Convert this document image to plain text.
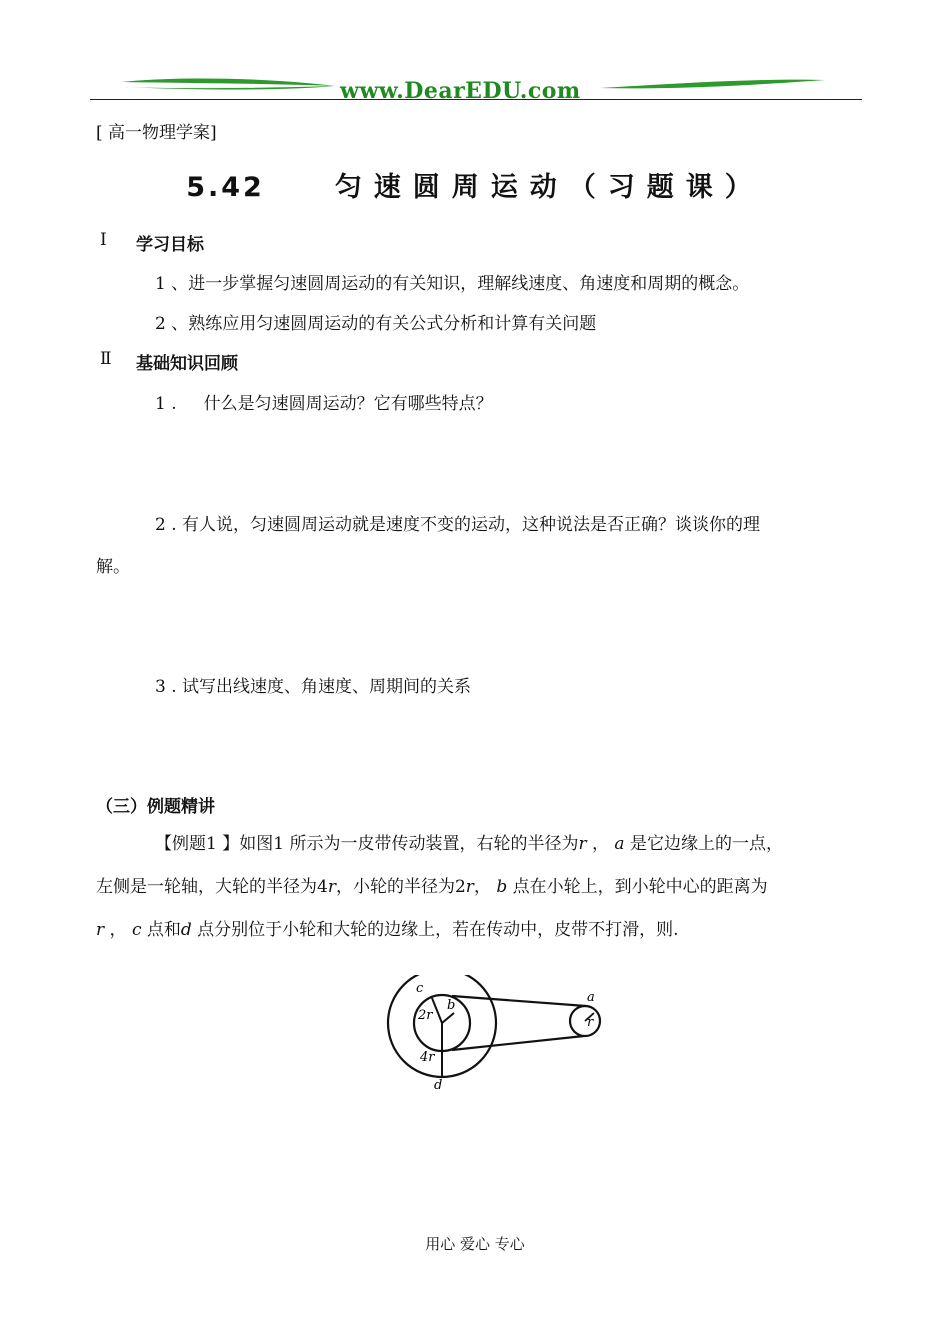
www.DearEDU.com
[ 高一物理学案]
5.42	匀速圆周运动（习题课）
Ⅰ 学习目标
1 、进一步掌握匀速圆周运动的有关知识，理解线速度、角速度和周期的概念。
2 、熟练应用匀速圆周运动的有关公式分析和计算有关问题
Ⅱ 基础知识回顾
1 .     什么是匀速圆周运动？它有哪些特点？
2 . 有人说，匀速圆周运动就是速度不变的运动，这种说法是否正确？谈谈你的理
解。
3 . 试写出线速度、角速度、周期间的关系
（三）例题精讲
【例题1 】如图1 所示为一皮带传动装置，右轮的半径为r ， a 是它边缘上的一点，
左侧是一轮轴，大轮的半径为4r，小轮的半径为2r， b 点在小轮上，到小轮中心的距离为
r ， c 点和d 点分别位于小轮和大轮的边缘上，若在传动中，皮带不打滑，则.
c
b
2r
a
r
4r
d
用心 爱心 专心
